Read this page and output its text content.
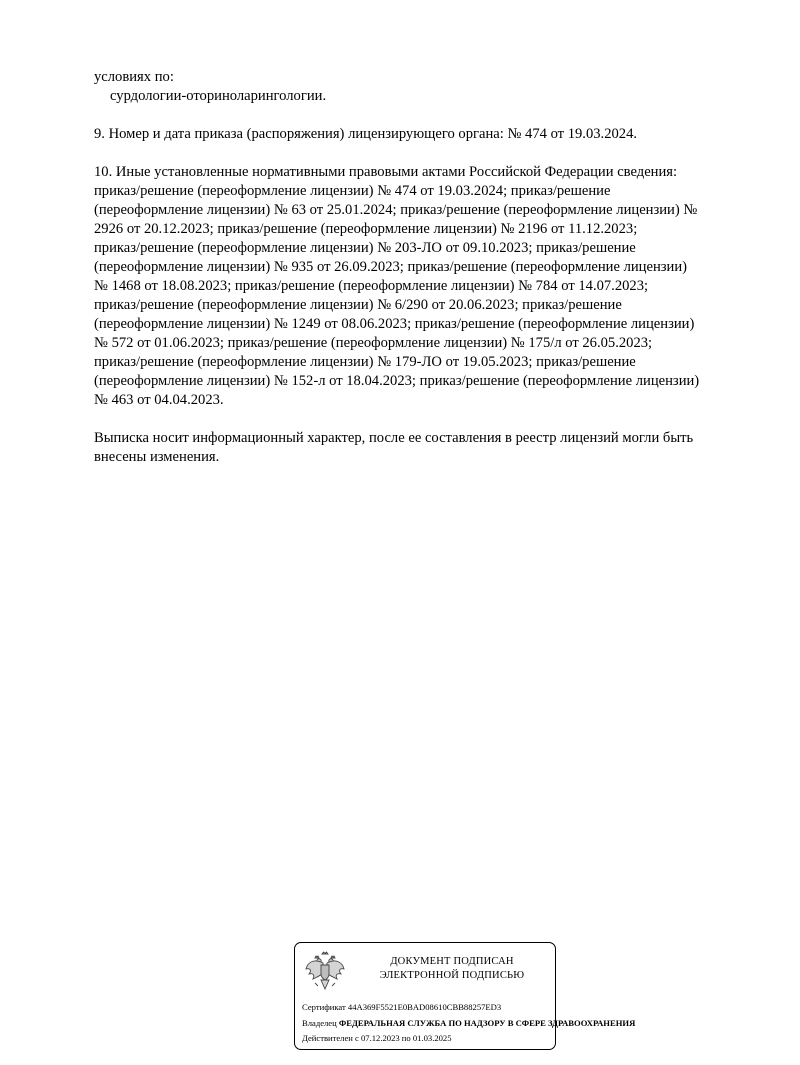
условиях по:
сурдологии-оториноларингологии.
9. Номер и дата приказа (распоряжения) лицензирующего органа: № 474 от 19.03.2024.
10. Иные установленные нормативными правовыми актами Российской Федерации сведения:
приказ/решение (переоформление лицензии) № 474 от 19.03.2024; приказ/решение
(переоформление лицензии) № 63 от 25.01.2024; приказ/решение (переоформление лицензии) №
2926 от 20.12.2023; приказ/решение (переоформление лицензии) № 2196 от 11.12.2023;
приказ/решение (переоформление лицензии) № 203-ЛО от 09.10.2023; приказ/решение
(переоформление лицензии) № 935 от 26.09.2023; приказ/решение (переоформление лицензии)
№ 1468 от 18.08.2023; приказ/решение (переоформление лицензии) № 784 от 14.07.2023;
приказ/решение (переоформление лицензии) № 6/290 от 20.06.2023; приказ/решение
(переоформление лицензии) № 1249 от 08.06.2023; приказ/решение (переоформление лицензии)
№ 572 от 01.06.2023; приказ/решение (переоформление лицензии) № 175/л от 26.05.2023;
приказ/решение (переоформление лицензии) № 179-ЛО от 19.05.2023; приказ/решение
(переоформление лицензии) № 152-л от 18.04.2023; приказ/решение (переоформление лицензии)
№ 463 от 04.04.2023.
Выписка носит информационный характер, после ее составления в реестр лицензий могли быть
внесены изменения.
ДОКУМЕНТ ПОДПИСАН
ЭЛЕКТРОННОЙ ПОДПИСЬЮ
Сертификат 44A369F5521E0BAD08610CBB88257ED3
Владелец ФЕДЕРАЛЬНАЯ СЛУЖБА ПО НАДЗОРУ В СФЕРЕ ЗДРАВООХРАНЕНИЯ
Действителен с 07.12.2023 по 01.03.2025
